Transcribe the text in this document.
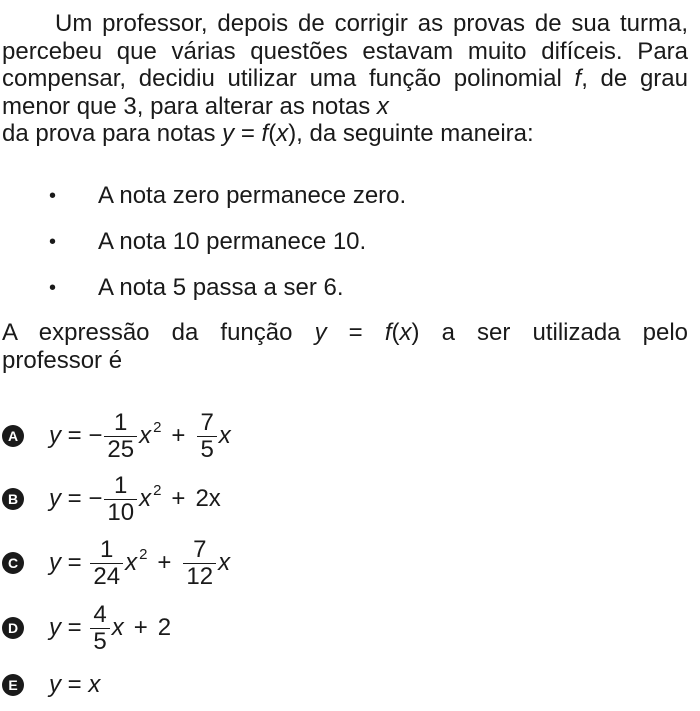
Um professor, depois de corrigir as provas de sua turma, percebeu que várias questões estavam muito difíceis. Para compensar, decidiu utilizar uma função polinomial f, de grau menor que 3, para alterar as notas x
da prova para notas y = f(x), da seguinte maneira:

• A nota zero permanece zero.
• A nota 10 permanece 10.
• A nota 5 passa a ser 6.

A expressão da função y = f(x) a ser utilizada pelo
professor é

A y = − $\frac{1}{25}$ x $2 + \frac{7}{5}$ x
B y = − $\frac{1}{10}$ x 2 + 2x
C $y = \frac{1}{24}$ x $2 + \frac{7}{12}$ x
D $y = \frac{4}{5}$ x + 2
E y = x
